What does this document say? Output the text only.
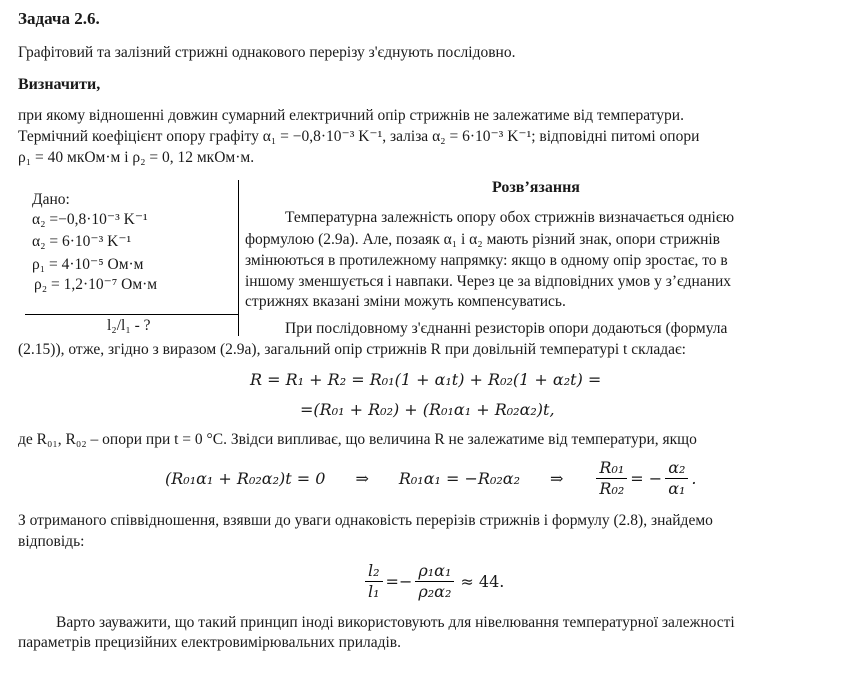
Задача 2.6.
Графітовий та залізний стрижні однакового перерізу з'єднують послідовно.
Визначити,
при якому відношенні довжин сумарний електричний опір стрижнів не залежатиме від температури.
Термічний коефіцієнт опору графіту α₁ = −0,8·10⁻³ K⁻¹, заліза α₂ = 6·10⁻³ K⁻¹; відповідні питомі опори
ρ₁ = 40 мкОм·м і ρ₂ = 0, 12 мкОм·м.
Дано:
α₂ =−0,8·10⁻³ K⁻¹
α₂ = 6·10⁻³ K⁻¹
ρ₁ = 4·10⁻⁵ Ом·м
ρ₂ = 1,2·10⁻⁷ Ом·м
l₂/l₁ - ?
Розв’язання
Температурна залежність опору обох стрижнів визначається однією
формулою (2.9а). Але, позаяк α₁ і α₂ мають різний знак, опори стрижнів
змінюються в протилежному напрямку: якщо в одному опір зростає, то в
іншому зменшується і навпаки. Через це за відповідних умов у з’єднаних
стрижнях вказані зміни можуть компенсуватись.
При послідовному з'єднанні резисторів опори додаються (формула
(2.15)), отже, згідно з виразом (2.9а), загальний опір стрижнів R при довільній температурі t складає:
R = R₁ + R₂ = R₀₁(1 + α₁t) + R₀₂(1 + α₂t) =
=(R₀₁ + R₀₂) + (R₀₁α₁ + R₀₂α₂)t,
де R₀₁, R₀₂ – опори при t = 0 °C. Звідси випливає, що величина R не залежатиме від температури, якщо
(R₀₁α₁ + R₀₂α₂)t = 0 ⇒ R₀₁α₁ = −R₀₂α₂ ⇒ $\frac{\text{R₀₁}}{\text{R₀₂}}$ = − $\frac{\text{α₂}}{\text{α₁}}$ .
З отриманого співвідношення, взявши до уваги однаковість перерізів стрижнів і формулу (2.8), знайдемо
відповідь:
$\frac{\text{l₂}}{\text{l₁}} =- \frac{\text{ρ₁α₁}}{\text{ρ₂α₂}} \approx 44$.
Варто зауважити, що такий принцип іноді використовують для нівелювання температурної залежності
параметрів прецизійних електровимірювальних приладів.
